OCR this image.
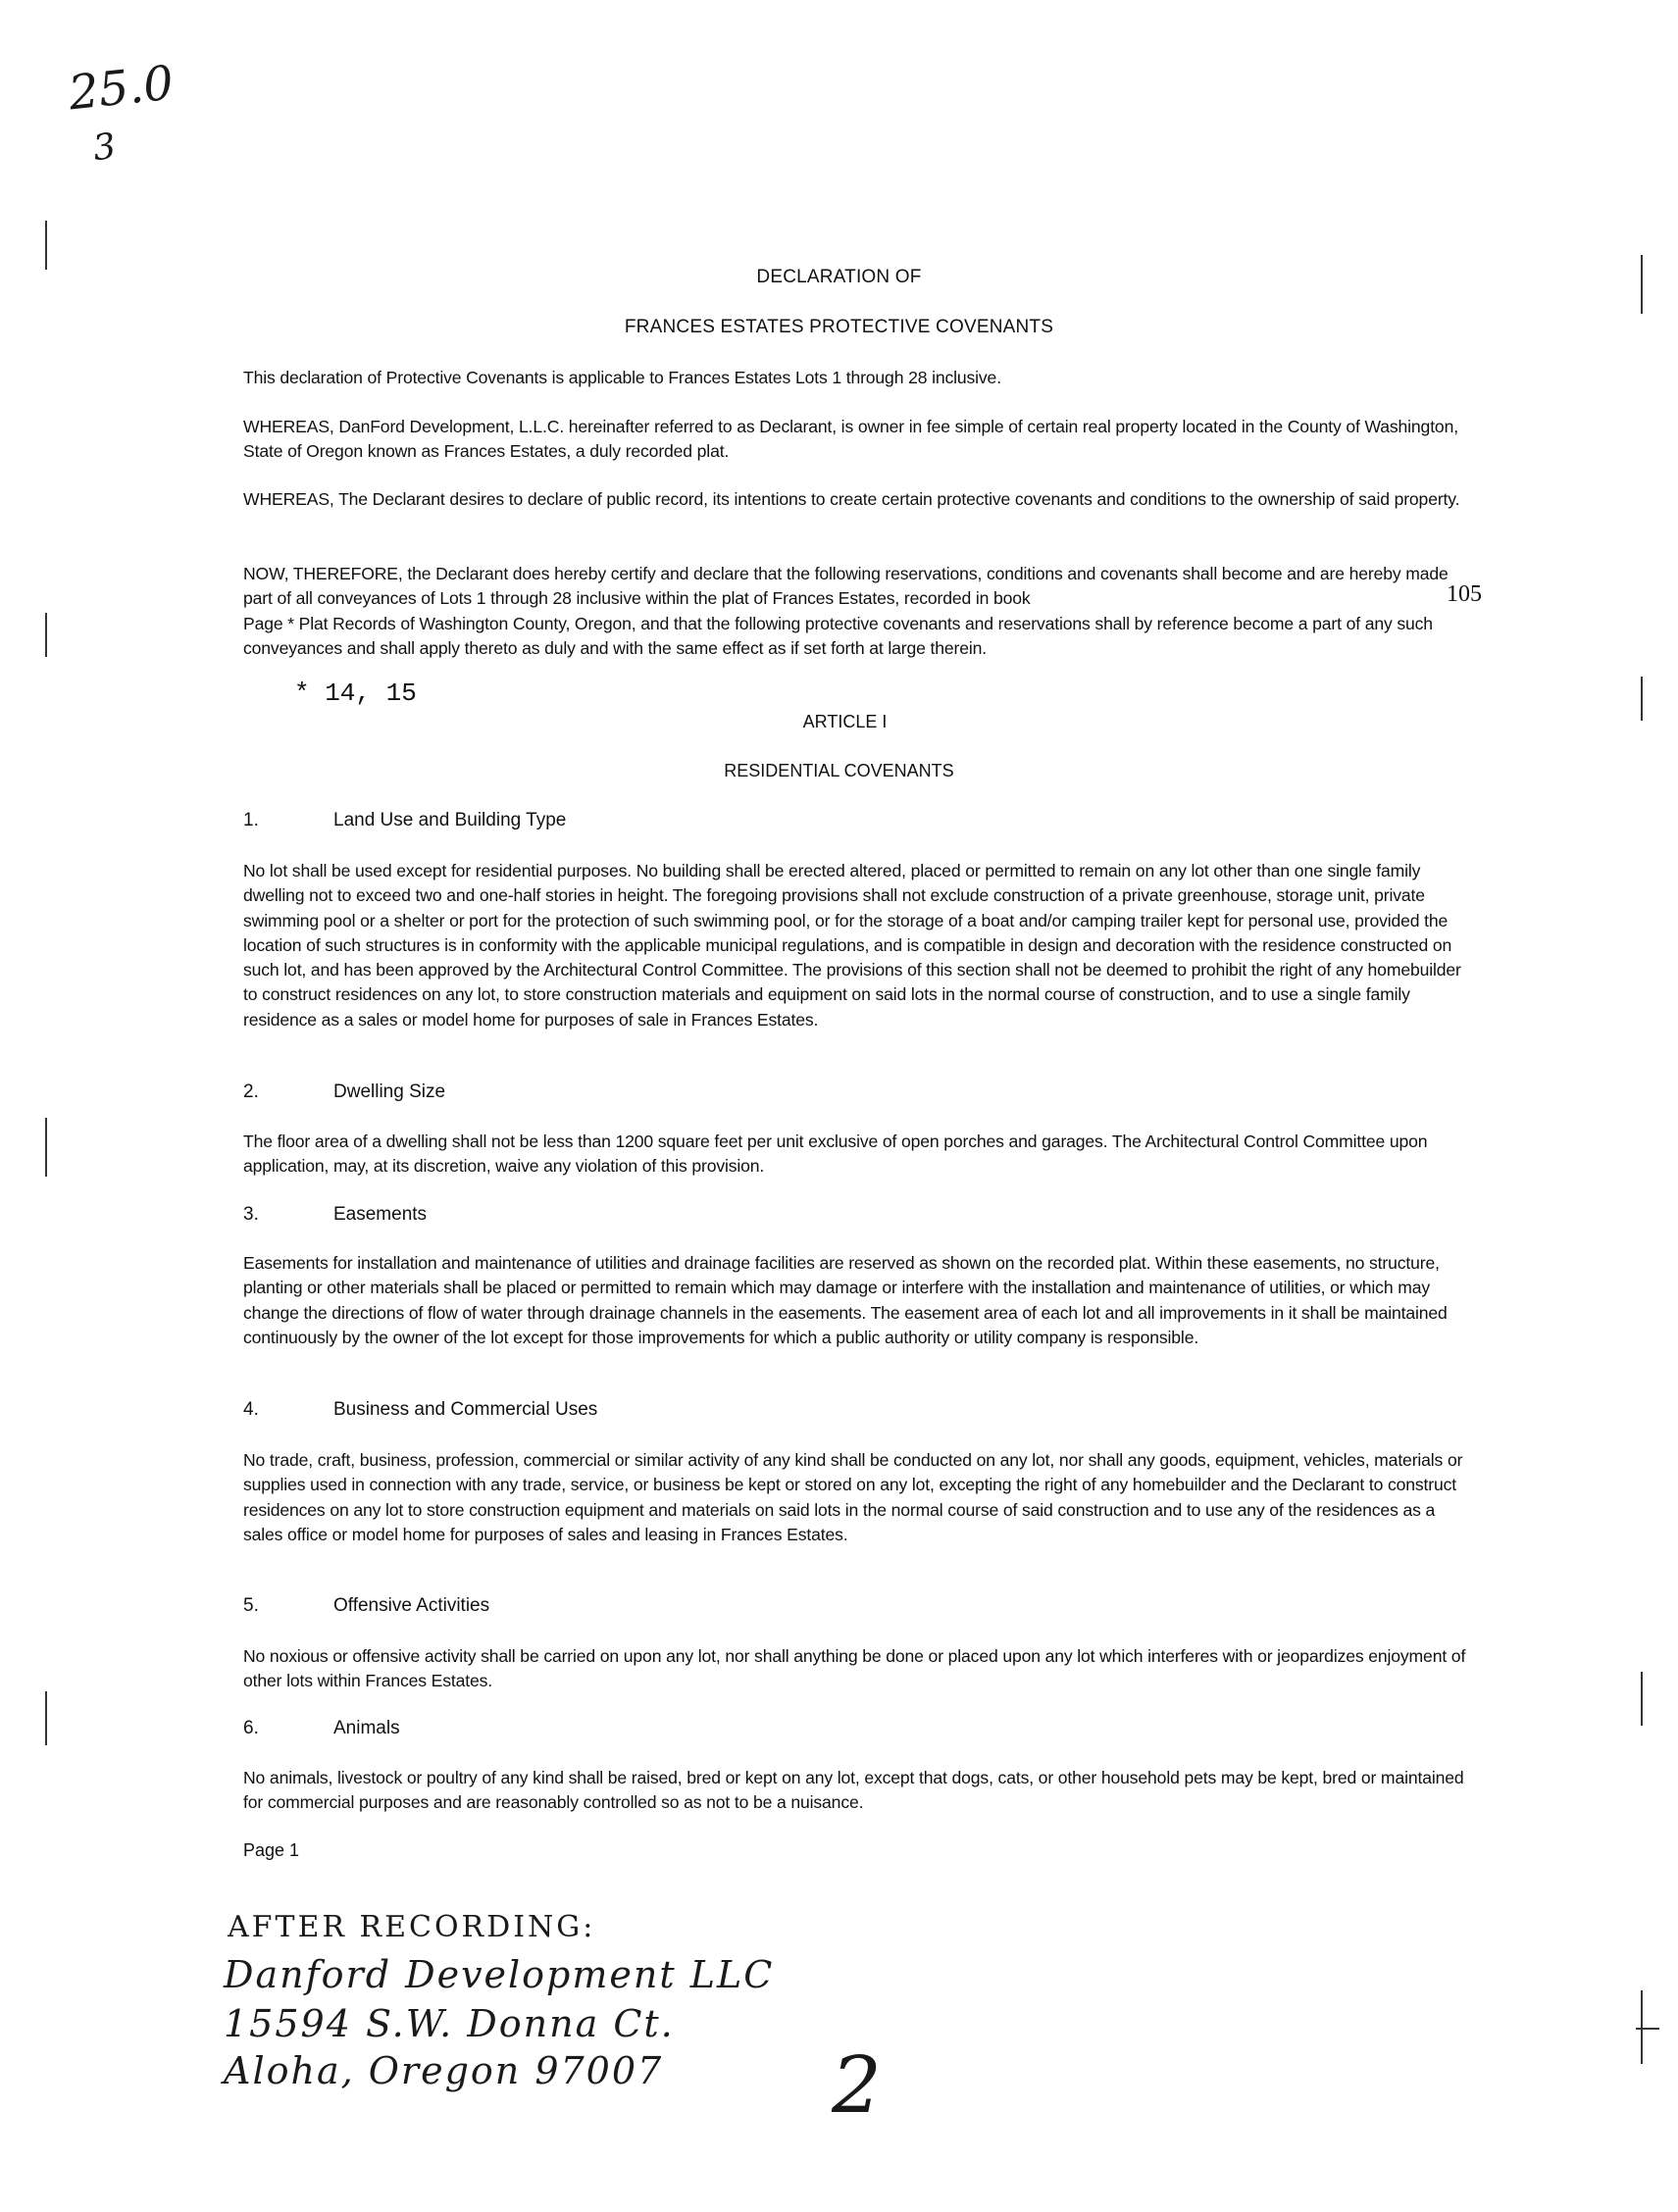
25.0
3
DECLARATION OF
FRANCES ESTATES PROTECTIVE COVENANTS
This declaration of Protective Covenants is applicable to Frances Estates Lots 1 through 28 inclusive.
WHEREAS, DanFord Development, L.L.C. hereinafter referred to as Declarant, is owner in fee simple of certain real property located in the County of Washington, State of Oregon known as Frances Estates, a duly recorded plat.
WHEREAS, The Declarant desires to declare of public record, its intentions to create certain protective covenants and conditions to the ownership of said property.
NOW, THEREFORE, the Declarant does hereby certify and declare that the following reservations, conditions and covenants shall become and are hereby made part of all conveyances of Lots 1 through 28 inclusive within the plat of Frances Estates, recorded in book	105
Page * Plat Records of Washington County, Oregon, and that the following protective covenants and reservations shall by reference become a part of any such conveyances and shall apply thereto as duly and with the same effect as if set forth at large therein.
* 14, 15
ARTICLE I
RESIDENTIAL COVENANTS
1.	Land Use and Building Type
No lot shall be used except for residential purposes. No building shall be erected altered, placed or permitted to remain on any lot other than one single family dwelling not to exceed two and one-half stories in height. The foregoing provisions shall not exclude construction of a private greenhouse, storage unit, private swimming pool or a shelter or port for the protection of such swimming pool, or for the storage of a boat and/or camping trailer kept for personal use, provided the location of such structures is in conformity with the applicable municipal regulations, and is compatible in design and decoration with the residence constructed on such lot, and has been approved by the Architectural Control Committee. The provisions of this section shall not be deemed to prohibit the right of any homebuilder to construct residences on any lot, to store construction materials and equipment on said lots in the normal course of construction, and to use a single family residence as a sales or model home for purposes of sale in Frances Estates.
2.	Dwelling Size
The floor area of a dwelling shall not be less than 1200 square feet per unit exclusive of open porches and garages. The Architectural Control Committee upon application, may, at its discretion, waive any violation of this provision.
3.	Easements
Easements for installation and maintenance of utilities and drainage facilities are reserved as shown on the recorded plat. Within these easements, no structure, planting or other materials shall be placed or permitted to remain which may damage or interfere with the installation and maintenance of utilities, or which may change the directions of flow of water through drainage channels in the easements. The easement area of each lot and all improvements in it shall be maintained continuously by the owner of the lot except for those improvements for which a public authority or utility company is responsible.
4.	Business and Commercial Uses
No trade, craft, business, profession, commercial or similar activity of any kind shall be conducted on any lot, nor shall any goods, equipment, vehicles, materials or supplies used in connection with any trade, service, or business be kept or stored on any lot, excepting the right of any homebuilder and the Declarant to construct residences on any lot to store construction equipment and materials on said lots in the normal course of said construction and to use any of the residences as a sales office or model home for purposes of sales and leasing in Frances Estates.
5.	Offensive Activities
No noxious or offensive activity shall be carried on upon any lot, nor shall anything be done or placed upon any lot which interferes with or jeopardizes enjoyment of other lots within Frances Estates.
6.	Animals
No animals, livestock or poultry of any kind shall be raised, bred or kept on any lot, except that dogs, cats, or other household pets may be kept, bred or maintained for commercial purposes and are reasonably controlled so as not to be a nuisance.
Page 1
AFTER RECORDING:
Danford Development LLC
15594 S.W. Donna Ct.
Aloha, Oregon 97007 2
